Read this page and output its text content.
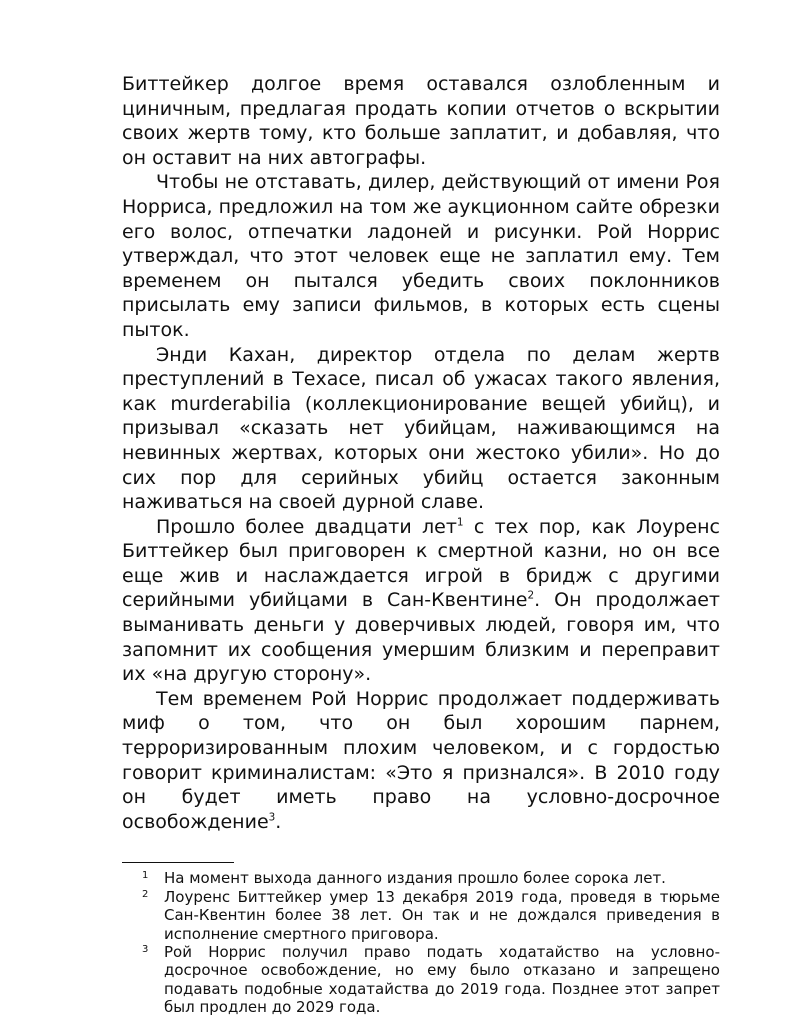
Биттейкер долгое время оставался озлобленным и циничным, предлагая продать копии отчетов о вскрытии своих жертв тому, кто больше заплатит, и добавляя, что он оставит на них автографы.

Чтобы не отставать, дилер, действующий от имени Роя Норриса, предложил на том же аукционном сайте обрезки его волос, отпечатки ладоней и рисунки. Рой Норрис утверждал, что этот человек еще не заплатил ему. Тем временем он пытался убедить своих поклонников присылать ему записи фильмов, в которых есть сцены пыток.

Энди Кахан, директор отдела по делам жертв преступлений в Техасе, писал об ужасах такого явления, как murderabilia (коллекционирование вещей убийц), и призывал «сказать нет убийцам, наживающимся на невинных жертвах, которых они жестоко убили». Но до сих пор для серийных убийц остается законным наживаться на своей дурной славе.

Прошло более двадцати лет$^1$ с тех пор, как Лоуренс Биттейкер был приговорен к смертной казни, но он все еще жив и наслаждается игрой в бридж с другими серийными убийцами в Сан-Квентине$^2$. Он продолжает выманивать деньги у доверчивых людей, говоря им, что запомнит их сообщения умершим близким и переправит их «на другую сторону».

Тем временем Рой Норрис продолжает поддерживать миф о том, что он был хорошим парнем, терроризированным плохим человеком, и с гордостью говорит криминалистам: «Это я признался». В 2010 году он будет иметь право на условно-досрочное освобождение$^3$.

1	На момент выхода данного издания прошло более сорока лет.
2	Лоуренс Биттейкер умер 13 декабря 2019 года, проведя в тюрьме Сан-Квентин более 38 лет. Он так и не дождался приведения в исполнение смертного приговора.
3	Рой Норрис получил право подать ходатайство на условно-досрочное освобождение, но ему было отказано и запрещено подавать подобные ходатайства до 2019 года. Позднее этот запрет был продлен до 2029 года.
